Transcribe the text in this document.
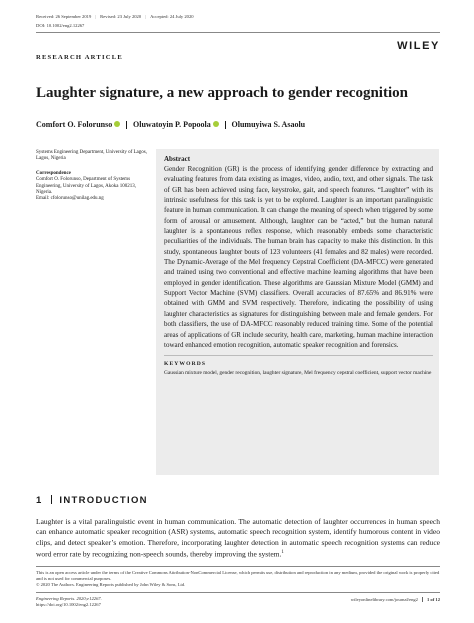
Received: 26 September 2019 | Revised: 23 July 2020 | Accepted: 24 July 2020
DOI: 10.1002/eng2.12267
WILEY
RESEARCH ARTICLE
Laughter signature, a new approach to gender recognition
Comfort O. Folorunso	Oluwatoyin P. Popoola	Olumuyiwa S. Asaolu
Systems Engineering Department, University of Lagos, Lagos, Nigeria
Correspondence
Comfort O. Folorunso, Department of Systems Engineering, University of Lagos, Akoka 100213, Nigeria.
Email: cfolorunso@unilag.edu.ng
Abstract

Gender Recognition (GR) is the process of identifying gender difference by extracting and evaluating features from data existing as images, video, audio, text, and other signals. The task of GR has been achieved using face, keystroke, gait, and speech features. “Laughter” with its intrinsic usefulness for this task is yet to be explored. Laughter is an important paralinguistic feature in human communication. It can change the meaning of speech when triggered by some form of arousal or amusement. Although, laughter can be “acted,” but the human natural laughter is a spontaneous reflex response, which reasonably embeds some characteristic peculiarities of the individuals. The human brain has capacity to make this distinction. In this study, spontaneous laughter bouts of 123 volunteers (41 females and 82 males) were recorded. The Dynamic-Average of the Mel frequency Cepstral Coefficient (DA-MFCC) were generated and trained using two conventional and effective machine learning algorithms that have been employed in gender identification. These algorithms are Gaussian Mixture Model (GMM) and Support Vector Machine (SVM) classifiers. Overall accuracies of 87.65% and 86.91% were obtained with GMM and SVM respectively. Therefore, indicating the possibility of using laughter characteristics as signatures for distinguishing between male and female genders. For both classifiers, the use of DA-MFCC reasonably reduced training time. Some of the potential areas of applications of GR include security, health care, marketing, human machine interaction toward enhanced emotion recognition, automatic speaker recognition and forensics.

KEYWORDS
Gaussian mixture model, gender recognition, laughter signature, Mel frequency cepstral coefficient, support vector machine
1 INTRODUCTION

Laughter is a vital paralinguistic event in human communication. The automatic detection of laughter occurrences in human speech can enhance automatic speaker recognition (ASR) systems, automatic speech recognition system, identify humorous content in video clips, and detect speaker’s emotion. Therefore, incorporating laughter detection in automatic speech recognition systems can reduce word error rate by recognizing non-speech sounds, thereby improving the system.$^1$

This is an open access article under the terms of the Creative Commons Attribution-NonCommercial License, which permits use, distribution and reproduction in any medium, provided the original work is properly cited and is not used for commercial purposes.
© 2020 The Authors. Engineering Reports published by John Wiley & Sons, Ltd.
Engineering Reports. 2020;e12267.
https://doi.org/10.1002/eng2.12267
wileyonlinelibrary.com/journal/eng2	1 of 12
